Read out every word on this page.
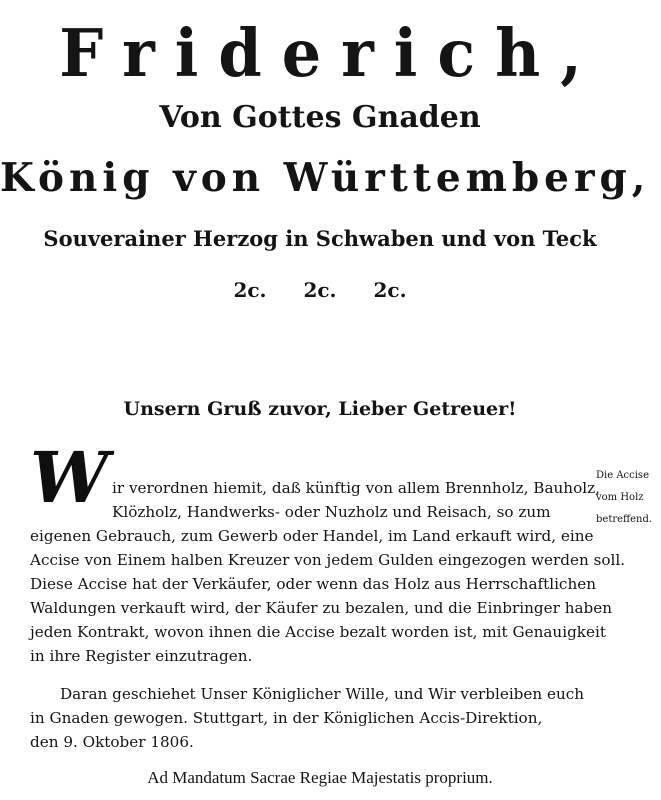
Friderich,
Von Gottes Gnaden
König von Württemberg,
Souverainer Herzog in Schwaben und von Teck
2c. 2c. 2c.
Unsern Gruß zuvor, Lieber Getreuer!
W ir verordnen hiemit, daß künftig von allem Brennholz, Bauholz,
Klözholz, Handwerks- oder Nuzholz und Reisach, so zum
eigenen Gebrauch, zum Gewerb oder Handel, im Land erkauft wird, eine
Accise von Einem halben Kreuzer von jedem Gulden eingezogen werden soll.
Diese Accise hat der Verkäufer, oder wenn das Holz aus Herrschaftlichen
Waldungen verkauft wird, der Käufer zu bezalen, und die Einbringer haben
jeden Kontrakt, wovon ihnen die Accise bezalt worden ist, mit Genauigkeit
in ihre Register einzutragen.
Daran geschiehet Unser Königlicher Wille, und Wir verbleiben euch
in Gnaden gewogen. Stuttgart, in der Königlichen Accis-Direktion,
den 9. Oktober 1806.
Die Accise
vom Holz
betreffend.
Ad Mandatum Sacrae Regiae Majestatis proprium.
